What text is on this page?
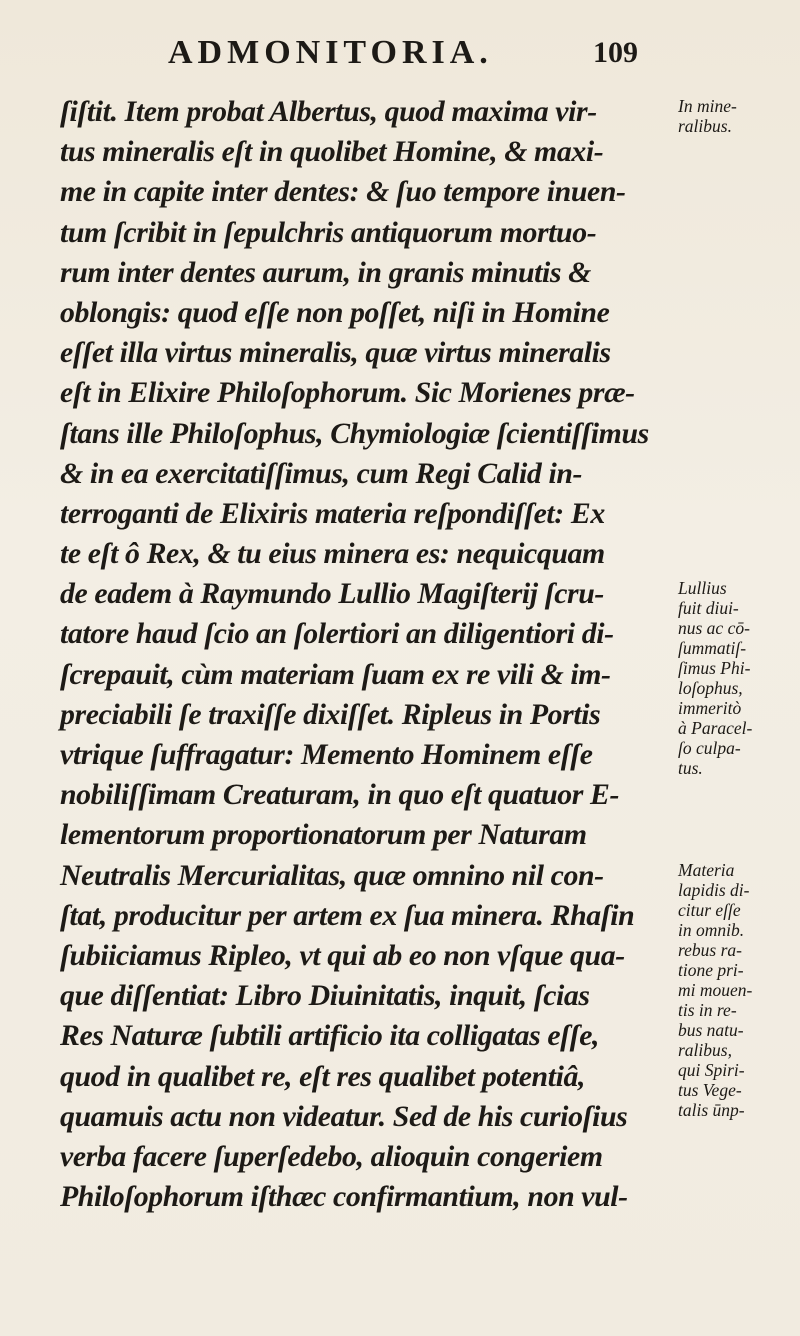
ADMONITORIA.	109
ſiſtit. Item probat Albertus, quod maxima vir-
tus mineralis eſt in quolibet Homine, & maxi-
me in capite inter dentes: & ſuo tempore inuen-
tum ſcribit in ſepulchris antiquorum mortuo-
rum inter dentes aurum, in granis minutis &
oblongis: quod eſſe non poſſet, niſi in Homine
eſſet illa virtus mineralis, quæ virtus mineralis
eſt in Elixire Philoſophorum. Sic Morienes præ-
ſtans ille Philoſophus, Chymiologiæ ſcientiſſimus
& in ea exercitatiſſimus, cum Regi Calid in-
terroganti de Elixiris materia reſpondiſſet: Ex
te eſt ô Rex, & tu eius minera es: nequicquam
de eadem à Raymundo Lullio Magiſterij ſcru-
tatore haud ſcio an ſolertiori an diligentiori di-
ſcrepauit, cùm materiam ſuam ex re vili & im-
preciabili ſe traxiſſe dixiſſet. Ripleus in Portis
vtrique ſuffragatur: Memento Hominem eſſe
nobiliſſimam Creaturam, in quo eſt quatuor E-
lementorum proportionatorum per Naturam
Neutralis Mercurialitas, quæ omnino nil con-
ſtat, producitur per artem ex ſua minera. Rhaſin
ſubiiciamus Ripleo, vt qui ab eo non vſque qua-
que diſſentiat: Libro Diuinitatis, inquit, ſcias
Res Naturæ ſubtili artificio ita colligatas eſſe,
quod in qualibet re, eſt res qualibet potentiâ,
quamuis actu non videatur. Sed de his curioſius
verba facere ſuperſedebo, alioquin congeriem
Philoſophorum iſthæc confirmantium, non vul-
In mine-
ralibus.
Lullius
fuit diui-
nus ac cō-
ſummatiſ-
ſimus Phi-
loſophus,
immeritò
à Paracel-
ſo culpa-
tus.
Materia
lapidis di-
citur eſſe
in omnib.
rebus ra-
tione pri-
mi mouen-
tis in re-
bus natu-
ralibus,
qui Spiri-
tus Vege-
talis ūnp-
